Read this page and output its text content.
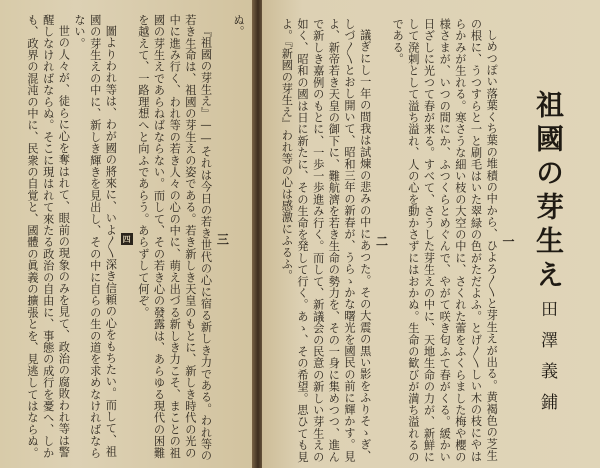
ぬ。

三

『祖國の芽生え』——それは今日の若き世代の心に宿る新しき力である。われ等の若き生命は、祖國の芽生えの姿である。若き新しき天皇のもとに、新しき時代の光の中に進み行く、われ等の若き人々の心の中に、萌え出づる新しき力こそ、まことの祖國の芽生えであらねばならない。而して、その若き心の發露は、あらゆる現代の困難を越えて、一路理想へと向ふであらう。あらずして何ぞ。

四

圖よりわれ等は、わが國の將來に、いよ〳〵深き信頼の心をもちたい。而して、祖國の芽生えの中に、新しき輝きを見出し、その中に自らの生の道を求めなければならない。

世の人々が、徒らに心を奪はれて、眼前の現象のみを見て、政治の腐敗われ等は警醒しなければならぬ。そこに現はれて來たる政治の自由に、事態の成行を憂へ、しかも、政界の混沌の中に、民衆の自覚と、國體の眞義の擴張とを、見逃してはならぬ。	一

しめつぽい落葉くち葉の堆積の中から、ひよろ〳〵と芽生えが出る。黄褐色の芝生の根に、うつすらと一と刷毛はいた翠緑の色がただよふ。とげ〳〵しい木の枝にやはらかみが生れる。寒さうな細い枝の大空の中に、さくれた蕾をふくらました梅や櫻の様さまが、いつの間にか、ふつくらとめぐんで、やがて咲き匂ふて春がくる。緩かい日ざしに光つて春が来る。すべて、さうした芽生えの中に、天地生命の力が、新鮮にして溌剌として溢ち溢れ、人の心を動かさずにはおかぬ。生命の歓びが満ち溢れるのである。

二

議ぎにし一年の間我は試煉の悲みの中にあつた。その大震の黒い影をふりそゝぎ、しづ〳〵とおし開いて、昭和三年の新春が、うらゝかな曙光を國民の前に輝かす。見よ、新帝若き天皇の御下に、難航濟を若き生命の勢力を、その一身に集めつつ、進んで新しき嘉例のもとに、一歩一歩進み行く。而して、新議会の民意の新しい芽生えの如く、昭和の國は日に新たに、その生命を発して行く。あゝ、その希望。思ひても見よ。『新國の芽生え』われ等の心は感激にふるふ。	祖國の芽生え
田澤義鋪
